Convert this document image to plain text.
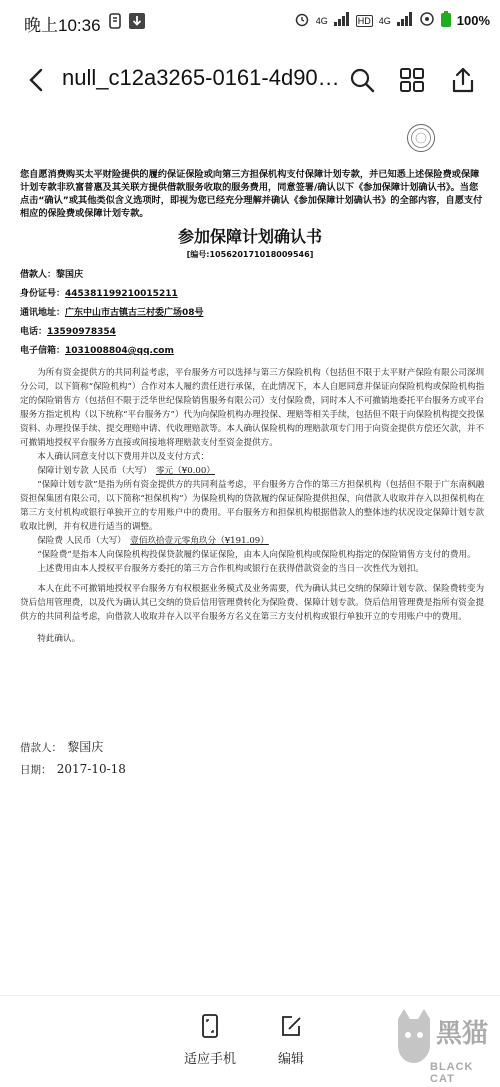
晚上10:36	4G	HD 4G	100%
null_c12a3265-0161-4d90…
您自愿消费购买太平财险提供的履约保证保险或向第三方担保机构支付保障计划专款，并已知悉上述保险费或保障计划专款非玖富普惠及其关联方提供借款服务收取的服务费用，同意签署/确认以下《参加保障计划确认书》。当您点击“确认”或其他类似含义选项时，即视为您已经充分理解并确认《参加保障计划确认书》的全部内容，自愿支付相应的保险费或保障计划专款。
参加保障计划确认书
[编号:105620171018009546]
借款人：黎国庆
身份证号：445381199210015211
通讯地址：广东中山市古镇古三村委广场08号
电话：13590978354
电子信箱：1031008804@qq.com

为所有资金提供方的共同利益考虑，平台服务方可以选择与第三方保险机构（包括但不限于太平财产保险有限公司深圳分公司，以下简称“保险机构”）合作对本人履约责任进行承保，在此情况下，本人自愿同意并保证向保险机构或保险机构指定的保险销售方（包括但不限于泛华世纪保险销售服务有限公司）支付保险费，同时本人不可撤销地委托平台服务方或平台服务方指定机构（以下统称“平台服务方”）代为向保险机构办理投保、理赔等相关手续，包括但不限于向保险机构提交投保资料、办理投保手续、提交理赔申请、代收理赔款等。本人确认保险机构的理赔款项专门用于向资金提供方偿还欠款，并不可撤销地授权平台服务方直接或间接地将理赔款支付至资金提供方。

本人确认同意支付以下费用并以及支付方式：

保障计划专款 人民币（大写）　 零元（¥0.00）

“保障计划专款”是指为所有资金提供方的共同利益考虑，平台服务方合作的第三方担保机构（包括但不限于广东南枫融资担保集团有限公司，以下简称“担保机构”）为保险机构的贷款履约保证保险提供担保，向借款人收取并存入以担保机构在第三方支付机构或银行单独开立的专用账户中的费用。平台服务方和担保机构根据借款人的整体违约状况设定保障计划专款收取比例，并有权进行适当的调整。

保险费 人民币（大写）　 壹佰玖拾壹元零角玖分（¥191.09）

“保险费”是指本人向保险机构投保贷款履约保证保险，由本人向保险机构或保险机构指定的保险销售方支付的费用。

上述费用由本人授权平台服务方委托的第三方合作机构或银行在获得借款资金的当日一次性代为划扣。

本人在此不可撤销地授权平台服务方有权根据业务模式及业务需要，代为确认其已交纳的保障计划专款、保险费转变为贷后信用管理费，以及代为确认其已交纳的贷后信用管理费转化为保险费、保障计划专款。贷后信用管理费是指所有资金提供方的共同利益考虑，向借款人收取并存入以平台服务方名义在第三方支付机构或银行单独开立的专用账户中的费用。

特此确认。

借款人：　 黎国庆
日期：　 2017-10-18
适应手机	编辑
黑猫
BLACK CAT
